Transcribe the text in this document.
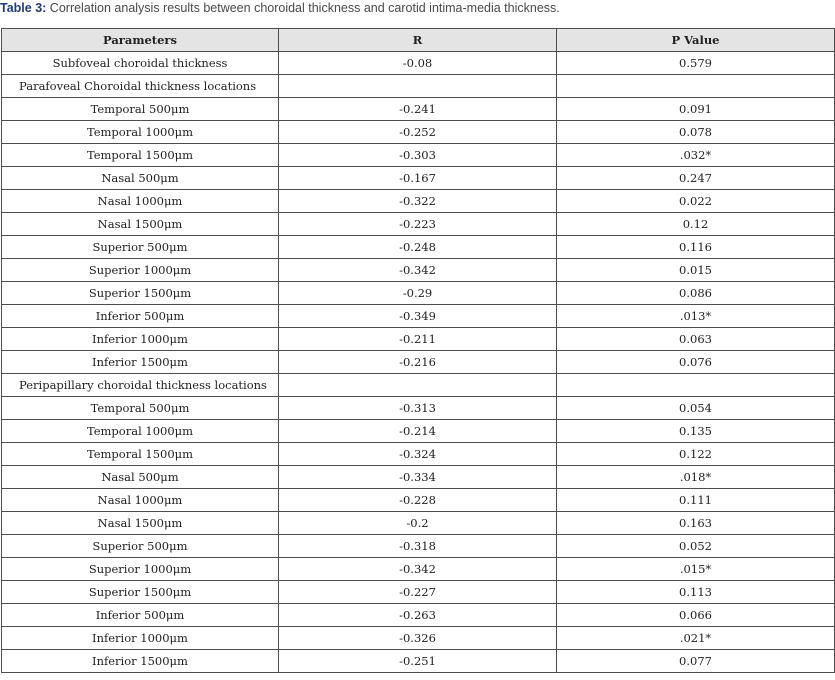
Table 3: Correlation analysis results between choroidal thickness and carotid intima-media thickness.
Parameters	R	P Value
Subfoveal choroidal thickness	-0.08	0.579
Parafoveal Choroidal thickness locations		
Temporal 500μm	-0.241	0.091
Temporal 1000μm	-0.252	0.078
Temporal 1500μm	-0.303	.032*
Nasal 500μm	-0.167	0.247
Nasal 1000μm	-0.322	0.022
Nasal 1500μm	-0.223	0.12
Superior 500μm	-0.248	0.116
Superior 1000μm	-0.342	0.015
Superior 1500μm	-0.29	0.086
Inferior 500μm	-0.349	.013*
Inferior 1000μm	-0.211	0.063
Inferior 1500μm	-0.216	0.076
Peripapillary choroidal thickness locations		
Temporal 500μm	-0.313	0.054
Temporal 1000μm	-0.214	0.135
Temporal 1500μm	-0.324	0.122
Nasal 500μm	-0.334	.018*
Nasal 1000μm	-0.228	0.111
Nasal 1500μm	-0.2	0.163
Superior 500μm	-0.318	0.052
Superior 1000μm	-0.342	.015*
Superior 1500μm	-0.227	0.113
Inferior 500μm	-0.263	0.066
Inferior 1000μm	-0.326	.021*
Inferior 1500μm	-0.251	0.077
